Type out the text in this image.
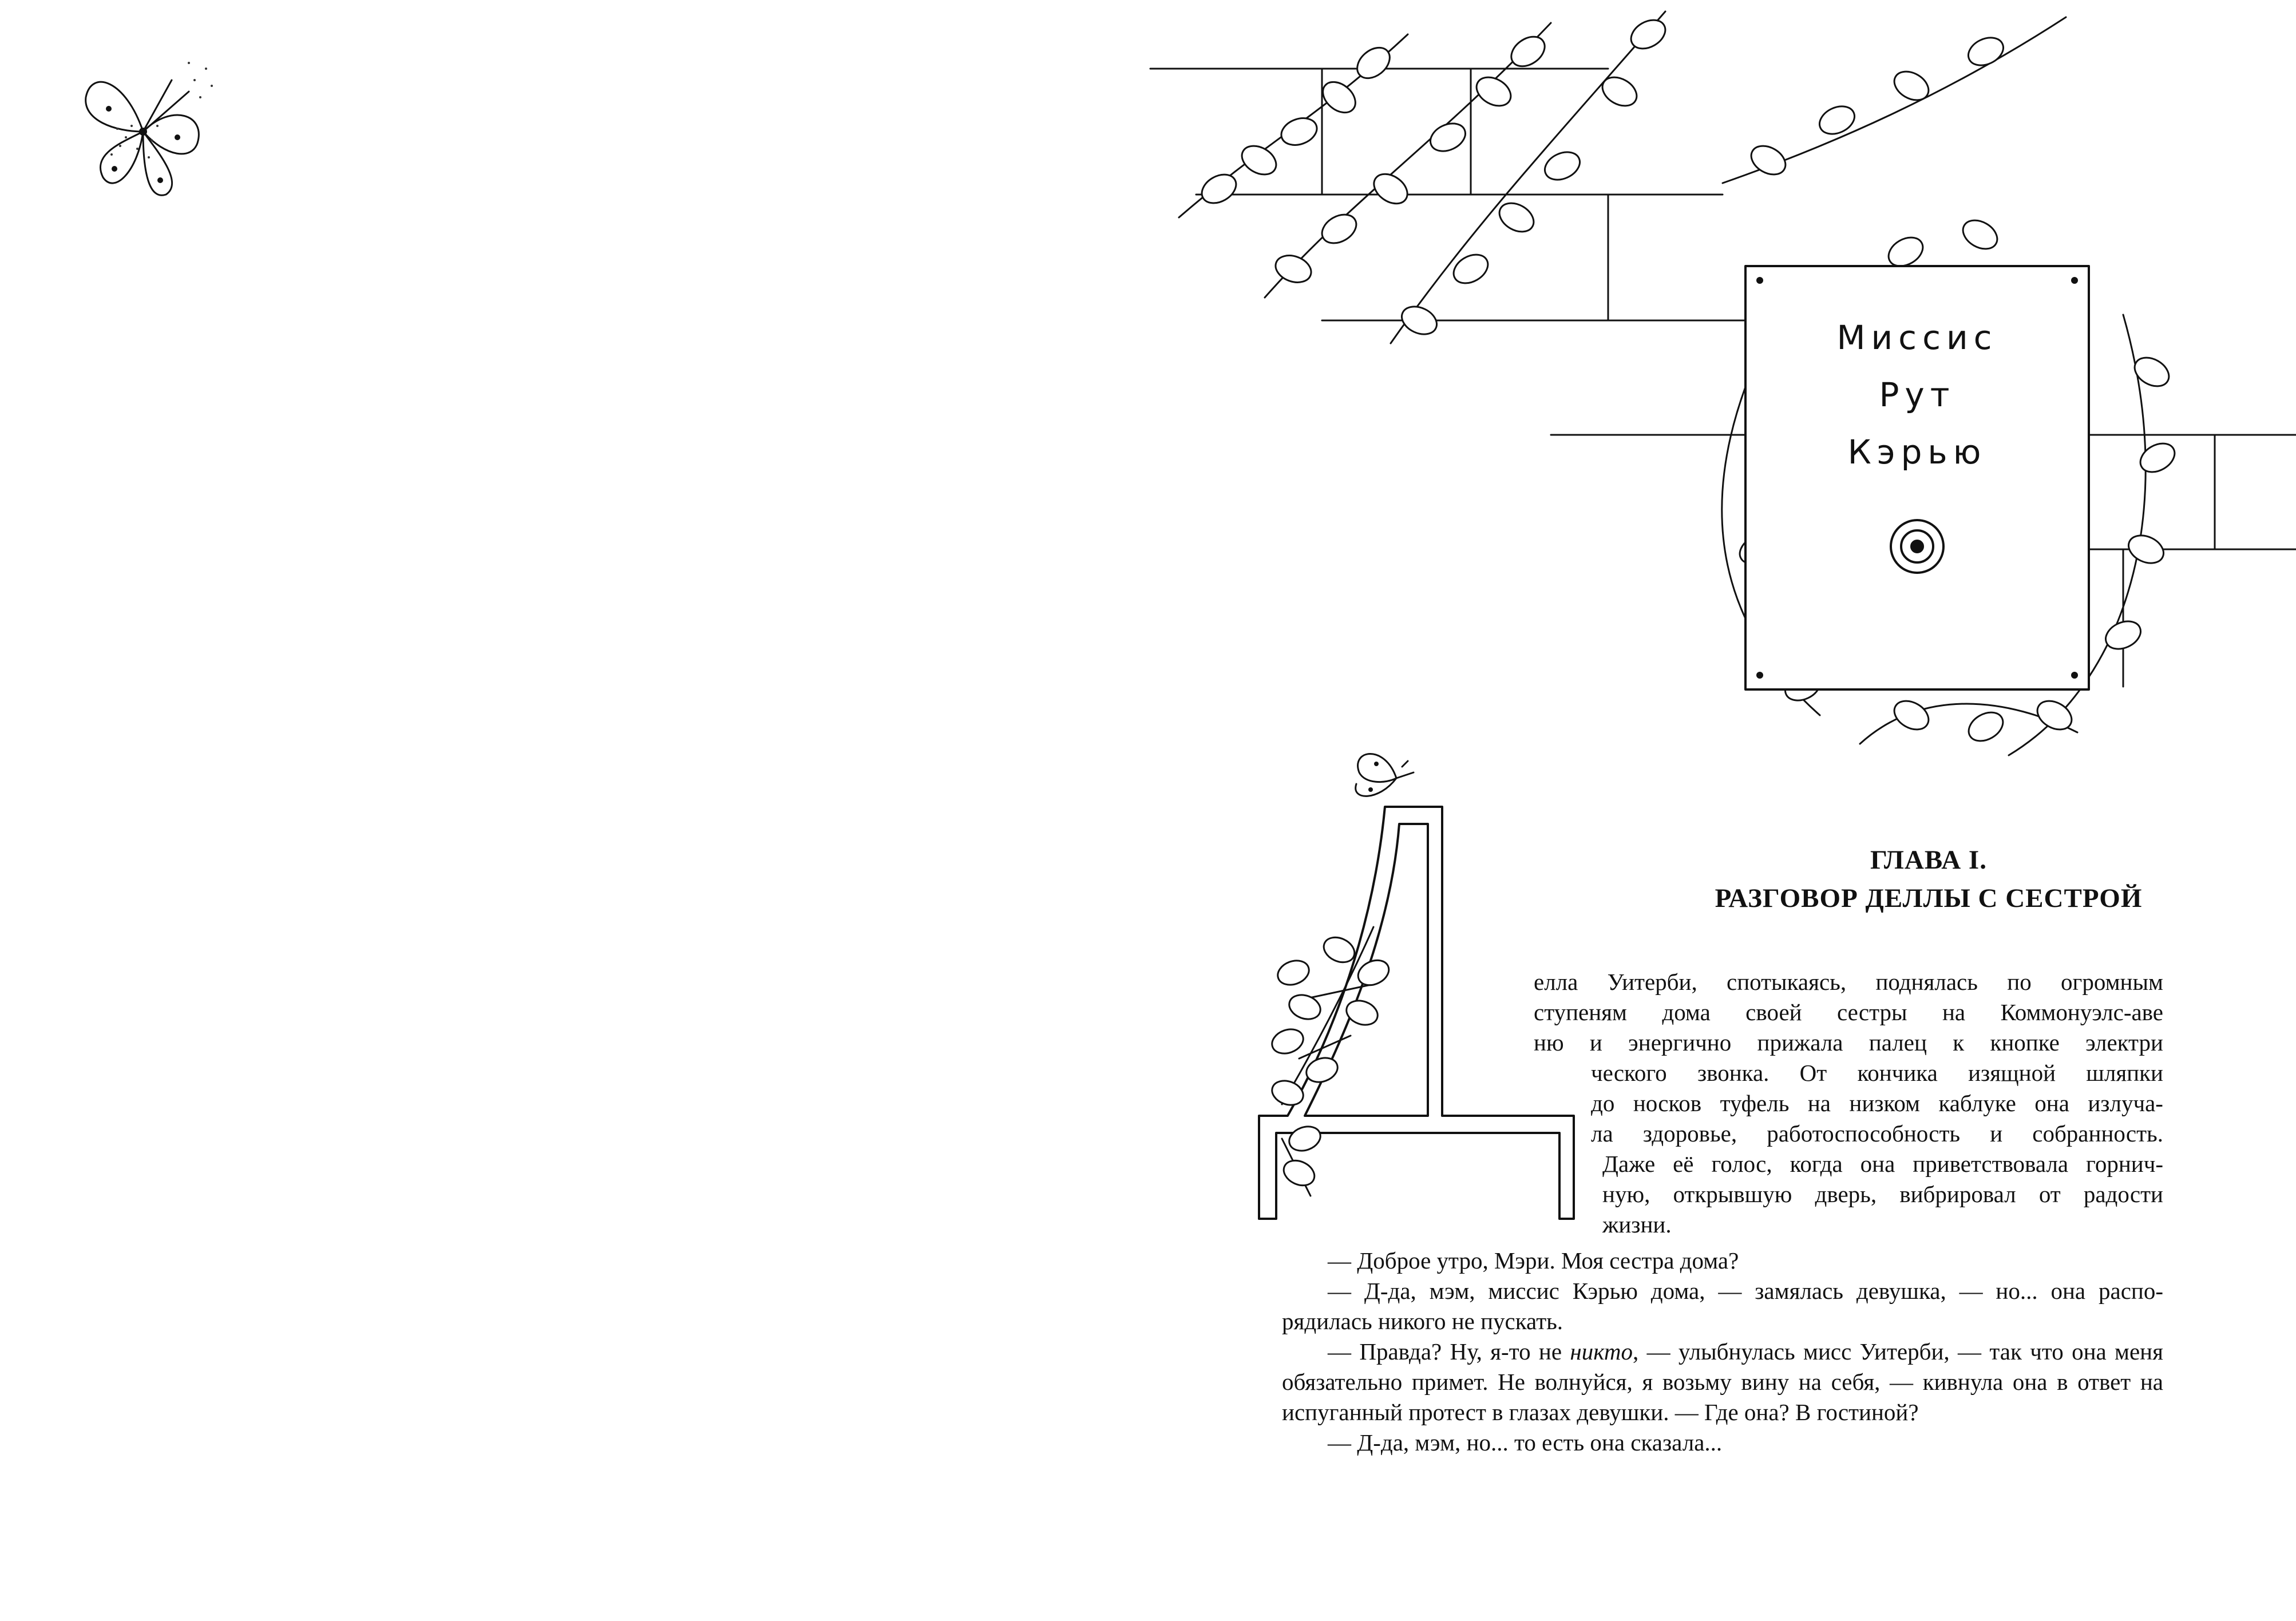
Миссис
Рут
Кэрью
ГЛАВА I.
РАЗГОВОР ДЕЛЛЫ С СЕСТРОЙ
елла Уитерби, спотыкаясь, поднялась по огромным
ступеням дома своей сестры на Коммонуэлс-аве
ню и энергично прижала палец к кнопке электри
ческого звонка. От кончика изящной шляпки
до носков туфель на низком каблуке она излуча-
ла здоровье, работоспособность и собранность.
Даже её голос, когда она приветствовала горнич-
ную, открывшую дверь, вибрировал от радости
жизни.
— Доброе утро, Мэри. Моя сестра дома?
— Д-да, мэм, миссис Кэрью дома, — замялась девушка, — но... она распо-рядилась никого не пускать.
— Правда? Ну, я-то не никто, — улыбнулась мисс Уитерби, — так что она меня обязательно примет. Не волнуйся, я возьму вину на себя, — кивнула она в ответ на испуганный протест в глазах девушки. — Где она? В гостиной?
— Д-да, мэм, но... то есть она сказала...
